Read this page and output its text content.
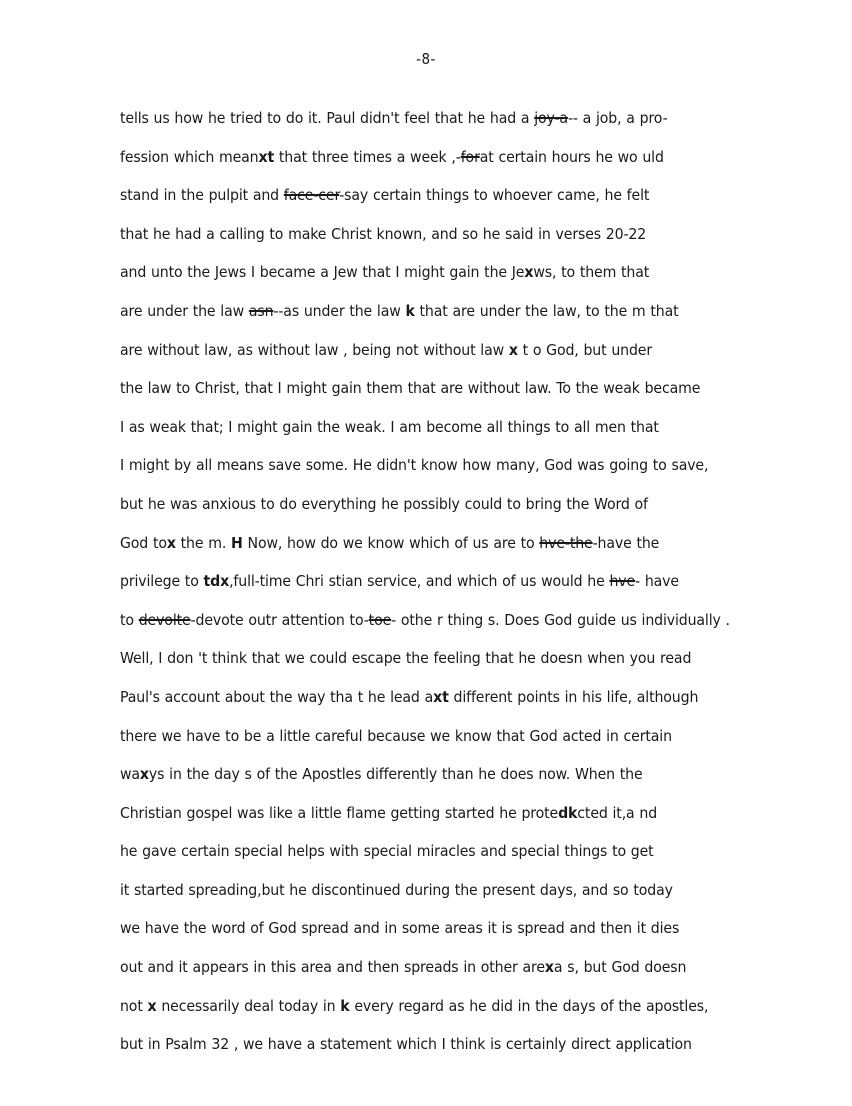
-8-
tells us how he tried to do it. Paul didn't feel that he had a joy-a-- a job, a pro-
fession which meanxt that three times a week ,-forat certain hours he wo uld
stand in the pulpit and face-cer-say certain things to whoever came, he felt
that he had a calling to make Christ known, and so he said in verses 20-22
and unto the Jews I became a Jew that I might gain the Jexws, to them that
are under the law asn--as under the law k that are under the law, to the m that
are without law, as without law , being not without law x t o God, but under
the law to Christ, that I might gain them that are without law. To the weak became
I as weak that; I might gain the weak. I am become all things to all men that
I might by all means save some. He didn't know how many, God was going to save,
but he was anxious to do everything he possibly could to bring the Word of
God tox the m. H Now, how do we know which of us are to hve-the-have the
privilege to tdx,full-time Chri stian service, and which of us would he hve- have
to devolte-devote outr attention to-toe- othe r thing s. Does God guide us individually .
Well, I don 't think that we could escape the feeling that he doesn when you read
Paul's account about the way tha t he lead axt different points in his life, although
there we have to be a little careful because we know that God acted in certain
waxys in the day s of the Apostles differently than he does now. When the
Christian gospel was like a little flame getting started he protedkcted it,a nd
he gave certain special helps with special miracles and special things to get
it started spreading,but he discontinued during the present days, and so today
we have the word of God spread and in some areas it is spread and then it dies
out and it appears in this area and then spreads in other arexa s, but God doesn
not x necessarily deal today in k every regard as he did in the days of the apostles,
but in Psalm 32 , we have a statement which I think is certainly direct application
